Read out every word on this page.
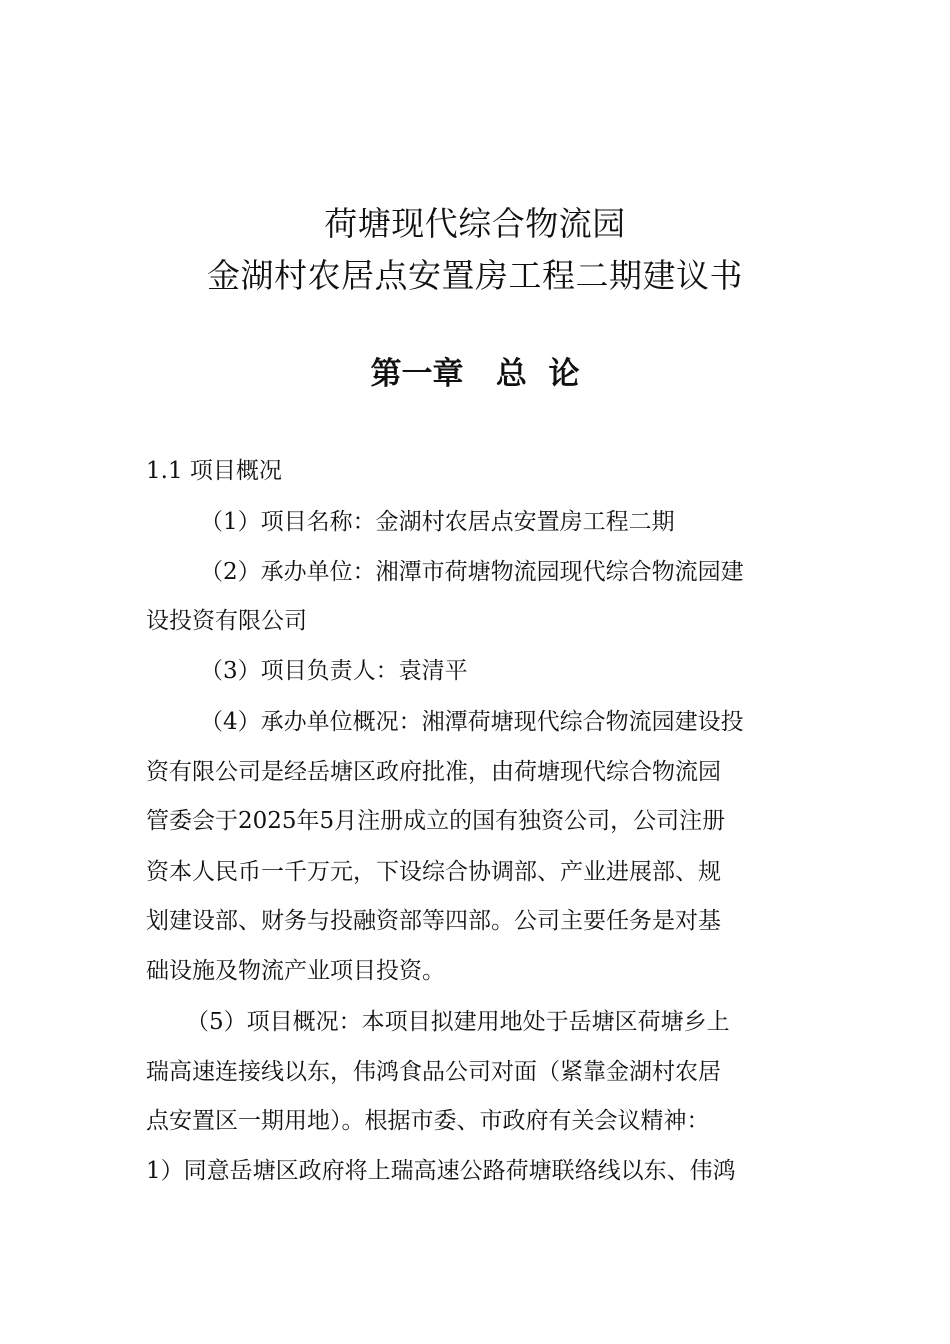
荷塘现代综合物流园
金湖村农居点安置房工程二期建议书
第一章   总  论
1.1 项目概况
（1）项目名称：金湖村农居点安置房工程二期
（2）承办单位：湘潭市荷塘物流园现代综合物流园建
设投资有限公司
（3）项目负责人：袁清平
（4）承办单位概况：湘潭荷塘现代综合物流园建设投
资有限公司是经岳塘区政府批准，由荷塘现代综合物流园
管委会于2025年5月注册成立的国有独资公司，公司注册
资本人民币一千万元，下设综合协调部、产业进展部、规
划建设部、财务与投融资部等四部。公司主要任务是对基
础设施及物流产业项目投资。
（5）项目概况：本项目拟建用地处于岳塘区荷塘乡上
瑞高速连接线以东，伟鸿食品公司对面（紧靠金湖村农居
点安置区一期用地）。根据市委、市政府有关会议精神：
1）同意岳塘区政府将上瑞高速公路荷塘联络线以东、伟鸿
